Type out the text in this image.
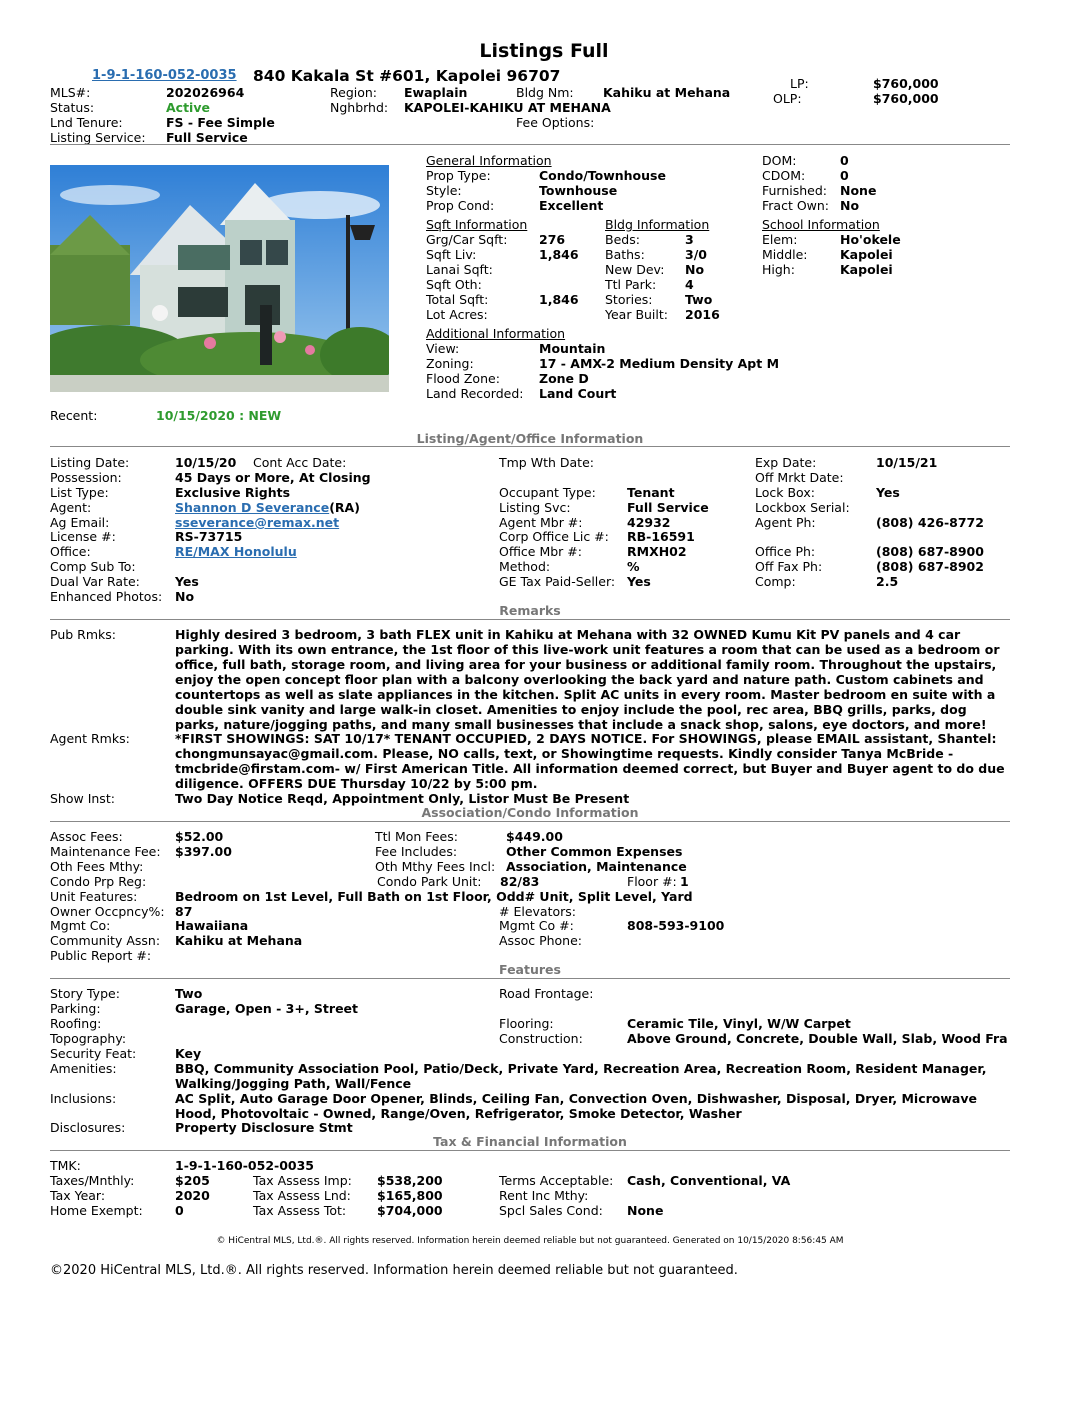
Listings Full
1-9-1-160-052-0035 840 Kakala St #601, Kapolei 96707
MLS#:	202026964
Status:	Active
Lnd Tenure:	FS - Fee Simple
Listing Service: Full Service
Region: Ewaplain
Nghbrhd: KAPOLEI-KAHIKU AT MEHANA
Bldg Nm: Kahiku at Mehana
Fee Options:
LP:	$760,000
OLP:	$760,000
General Information
Prop Type:	Condo/Townhouse
Style:	Townhouse
Prop Cond:	Excellent
DOM:	0
CDOM:	0
Furnished: None
Fract Own: No
Sqft Information
Grg/Car Sqft:	276
Sqft Liv:	1,846
Lanai Sqft:
Sqft Oth:
Total Sqft:	1,846
Lot Acres:
Bldg Information
Beds:	3
Baths:	3/0
New Dev: No
Ttl Park: 4
Stories:	Two
Year Built: 2016
School Information
Elem:	Ho'okele
Middle:	Kapolei
High:	Kapolei
Additional Information
View:	Mountain
Zoning:	17 - AMX-2 Medium Density Apt M
Flood Zone:	Zone D
Land Recorded: Land Court
Recent:	10/15/2020 : NEW
Listing/Agent/Office Information
Listing Date:	10/15/20 Cont Acc Date:
Possession:	45 Days or More, At Closing
List Type:	Exclusive Rights
Agent:	Shannon D Severance(RA)
Ag Email:	sseverance@remax.net
License #:	RS-73715
Office:	RE/MAX Honolulu
Comp Sub To:
Dual Var Rate:	Yes
Enhanced Photos: No
Tmp Wth Date:
Occupant Type: Tenant
Listing Svc:	Full Service
Agent Mbr #:	42932
Corp Office Lic #: RB-16591
Office Mbr #:	RMXH02
Method:	%
GE Tax Paid-Seller: Yes
Exp Date:	10/15/21
Off Mrkt Date:
Lock Box:	Yes
Lockbox Serial:
Agent Ph:	(808) 426-8772
Office Ph:	(808) 687-8900
Off Fax Ph:	(808) 687-8902
Comp:	2.5
Remarks
Pub Rmks:	Highly desired 3 bedroom, 3 bath FLEX unit in Kahiku at Mehana with 32 OWNED Kumu Kit PV panels and 4 car parking. With its own entrance, the 1st floor of this live-work unit features a room that can be used as a bedroom or office, full bath, storage room, and living area for your business or additional family room. Throughout the upstairs, enjoy the open concept floor plan with a balcony overlooking the back yard and nature path. Custom cabinets and countertops as well as slate appliances in the kitchen. Split AC units in every room. Master bedroom en suite with a double sink vanity and large walk-in closet. Amenities to enjoy include the pool, rec area, BBQ grills, parks, dog parks, nature/jogging paths, and many small businesses that include a snack shop, salons, eye doctors, and more!
Agent Rmks:	*FIRST SHOWINGS: SAT 10/17* TENANT OCCUPIED, 2 DAYS NOTICE. For SHOWINGS, please EMAIL assistant, Shantel: chongmunsayac@gmail.com. Please, NO calls, text, or Showingtime requests. Kindly consider Tanya McBride -tmcbride@firstam.com- w/ First American Title. All information deemed correct, but Buyer and Buyer agent to do due diligence. OFFERS DUE Thursday 10/22 by 5:00 pm.
Show Inst:	Two Day Notice Reqd, Appointment Only, Listor Must Be Present
Association/Condo Information
Assoc Fees:	$52.00
Maintenance Fee: $397.00
Oth Fees Mthy:
Condo Prp Reg:
Unit Features:	Bedroom on 1st Level, Full Bath on 1st Floor, Odd# Unit, Split Level, Yard
Owner Occpncy%: 87
Mgmt Co:	Hawaiiana
Community Assn: Kahiku at Mehana
Public Report #:
Ttl Mon Fees:	$449.00
Fee Includes:	Other Common Expenses
Oth Mthy Fees Incl: Association, Maintenance
Condo Park Unit: 82/83	Floor #: 1
# Elevators:
Mgmt Co #:	808-593-9100
Assoc Phone:
Features
Story Type:	Two
Parking:	Garage, Open - 3+, Street
Roofing:
Topography:
Security Feat:	Key
Amenities:	BBQ, Community Association Pool, Patio/Deck, Private Yard, Recreation Area, Recreation Room, Resident Manager, Walking/Jogging Path, Wall/Fence
Inclusions:	AC Split, Auto Garage Door Opener, Blinds, Ceiling Fan, Convection Oven, Dishwasher, Disposal, Dryer, Microwave Hood, Photovoltaic - Owned, Range/Oven, Refrigerator, Smoke Detector, Washer
Disclosures:	Property Disclosure Stmt
Road Frontage:
Flooring:	Ceramic Tile, Vinyl, W/W Carpet
Construction:	Above Ground, Concrete, Double Wall, Slab, Wood Fra
Tax & Financial Information
TMK:	1-9-1-160-052-0035
Taxes/Mnthly:	$205
Tax Year:	2020
Home Exempt:	0
Tax Assess Imp: $538,200
Tax Assess Lnd: $165,800
Tax Assess Tot: $704,000
Terms Acceptable: Cash, Conventional, VA
Rent Inc Mthy:
Spcl Sales Cond: None
© HiCentral MLS, Ltd.®. All rights reserved. Information herein deemed reliable but not guaranteed. Generated on 10/15/2020 8:56:45 AM
©2020 HiCentral MLS, Ltd.®. All rights reserved. Information herein deemed reliable but not guaranteed.
